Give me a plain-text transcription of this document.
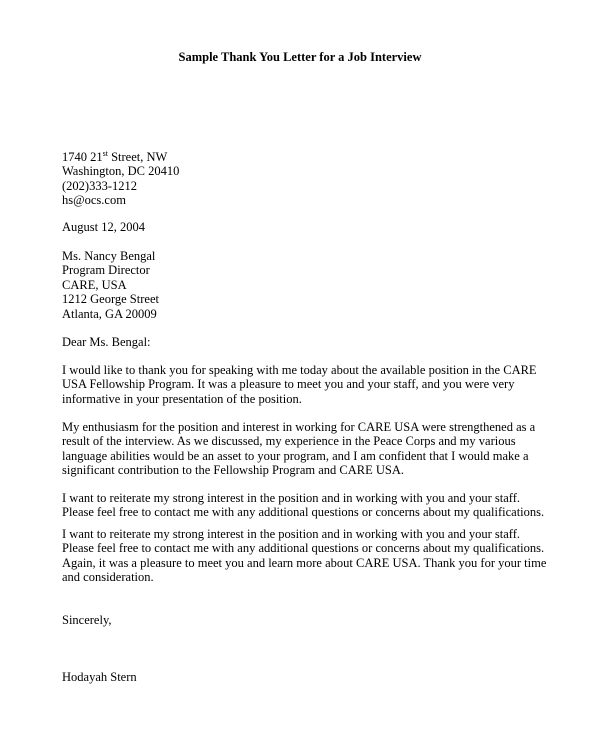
Sample Thank You Letter for a Job Interview
1740 21st Street, NW
Washington, DC 20410
(202)333-1212
hs@ocs.com
August 12, 2004
Ms. Nancy Bengal
Program Director
CARE, USA
1212 George Street
Atlanta, GA 20009
Dear Ms. Bengal:
I would like to thank you for speaking with me today about the available position in the CARE
USA Fellowship Program. It was a pleasure to meet you and your staff, and you were very
informative in your presentation of the position.
My enthusiasm for the position and interest in working for CARE USA were strengthened as a
result of the interview. As we discussed, my experience in the Peace Corps and my various
language abilities would be an asset to your program, and I am confident that I would make a
significant contribution to the Fellowship Program and CARE USA.
I want to reiterate my strong interest in the position and in working with you and your staff.
Please feel free to contact me with any additional questions or concerns about my qualifications.
I want to reiterate my strong interest in the position and in working with you and your staff.
Please feel free to contact me with any additional questions or concerns about my qualifications.
Again, it was a pleasure to meet you and learn more about CARE USA. Thank you for your time
and consideration.
Sincerely,
Hodayah Stern
